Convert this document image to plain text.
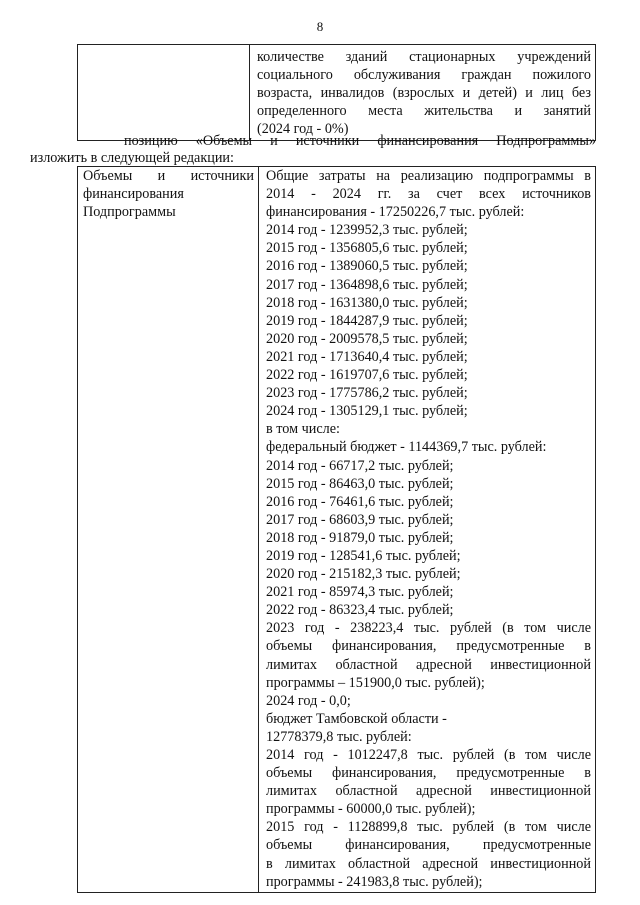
8

количестве зданий стационарных учреждений
социального обслуживания граждан пожилого
возраста, инвалидов (взрослых и детей) и лиц без
определенного места жительства и занятий
(2024 год - 0%)
позицию «Объемы и источники финансирования Подпрограммы»
изложить в следующей редакции:
Объемы и источники
финансирования
Подпрограммы

Общие затраты на реализацию подпрограммы в
2014 - 2024 гг. за счет всех источников
финансирования - 17250226,7 тыс. рублей:
2014 год - 1239952,3 тыс. рублей;
2015 год - 1356805,6 тыс. рублей;
2016 год - 1389060,5 тыс. рублей;
2017 год - 1364898,6 тыс. рублей;
2018 год - 1631380,0 тыс. рублей;
2019 год - 1844287,9 тыс. рублей;
2020 год - 2009578,5 тыс. рублей;
2021 год - 1713640,4 тыс. рублей;
2022 год - 1619707,6 тыс. рублей;
2023 год - 1775786,2 тыс. рублей;
2024 год - 1305129,1 тыс. рублей;
в том числе:
федеральный бюджет - 1144369,7 тыс. рублей:
2014 год - 66717,2 тыс. рублей;
2015 год - 86463,0 тыс. рублей;
2016 год - 76461,6 тыс. рублей;
2017 год - 68603,9 тыс. рублей;
2018 год - 91879,0 тыс. рублей;
2019 год - 128541,6 тыс. рублей;
2020 год - 215182,3 тыс. рублей;
2021 год - 85974,3 тыс. рублей;
2022 год - 86323,4 тыс. рублей;
2023 год - 238223,4 тыс. рублей (в том числе
объемы финансирования, предусмотренные в
лимитах областной адресной инвестиционной
программы – 151900,0 тыс. рублей);
2024 год - 0,0;
бюджет Тамбовской области -
12778379,8 тыс. рублей:
2014 год - 1012247,8 тыс. рублей (в том числе
объемы финансирования, предусмотренные в
лимитах областной адресной инвестиционной
программы - 60000,0 тыс. рублей);
2015 год - 1128899,8 тыс. рублей (в том числе
объемы финансирования, предусмотренные
в лимитах областной адресной инвестиционной
программы - 241983,8 тыс. рублей);
